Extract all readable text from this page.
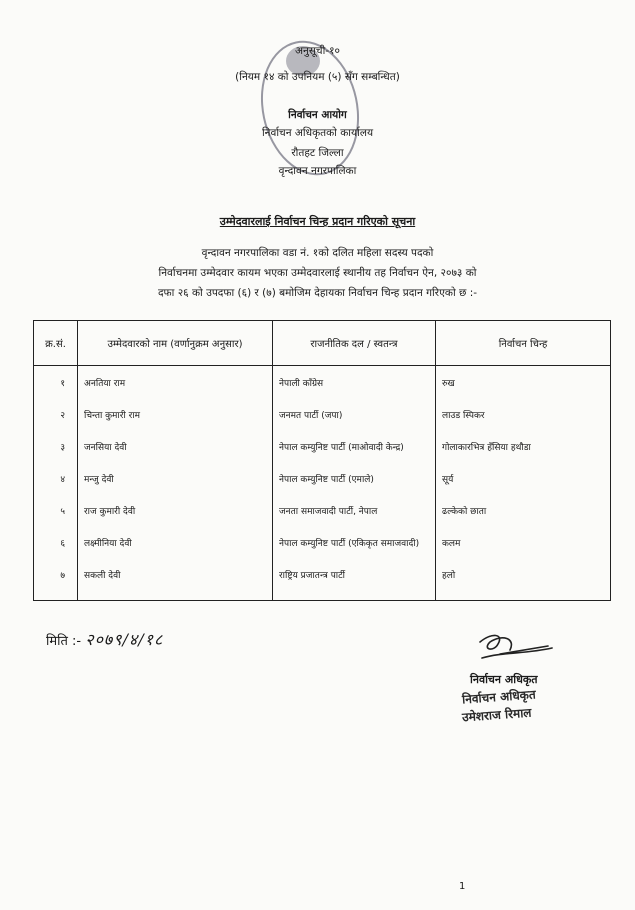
अनुसूची-१०
(नियम १४ को उपनियम (५) सँग सम्बन्धित)
निर्वाचन आयोग
निर्वाचन अधिकृतको कार्यालय
रौतहट जिल्ला
वृन्दावन नगरपालिका
उम्मेदवारलाई निर्वाचन चिन्ह प्रदान गरिएको सूचना
वृन्दावन नगरपालिका वडा नं. १को दलित महिला सदस्य पदको
निर्वाचनमा उम्मेदवार कायम भएका उम्मेदवारलाई स्थानीय तह निर्वाचन ऐन, २०७३ को
दफा २६ को उपदफा (६) र (७) बमोजिम देहायका निर्वाचन चिन्ह प्रदान गरिएको छ :-
क्र.सं.	उम्मेदवारको नाम (वर्णानुक्रम अनुसार)	राजनीतिक दल / स्वतन्त्र	निर्वाचन चिन्ह
१	अनतिया राम	नेपाली काँग्रेस	रुख
२	चिन्ता कुमारी राम	जनमत पार्टी (जपा)	लाउड स्पिकर
३	जनसिया देवी	नेपाल कम्युनिष्ट पार्टी (माओवादी केन्द्र)	गोलाकारभित्र हँसिया हथौडा
४	मन्जु देवी	नेपाल कम्युनिष्ट पार्टी (एमाले)	सूर्य
५	राज कुमारी देवी	जनता समाजवादी पार्टी, नेपाल	ढल्केको छाता
६	लक्ष्मीनिया देवी	नेपाल कम्युनिष्ट पार्टी (एकिकृत समाजवादी)	कलम
७	सकली देवी	राष्ट्रिय प्रजातन्त्र पार्टी	हलो
मिति :- २०७९/४/१८
निर्वाचन अधिकृत
निर्वाचन अधिकृत
उमेशराज रिमाल
1
